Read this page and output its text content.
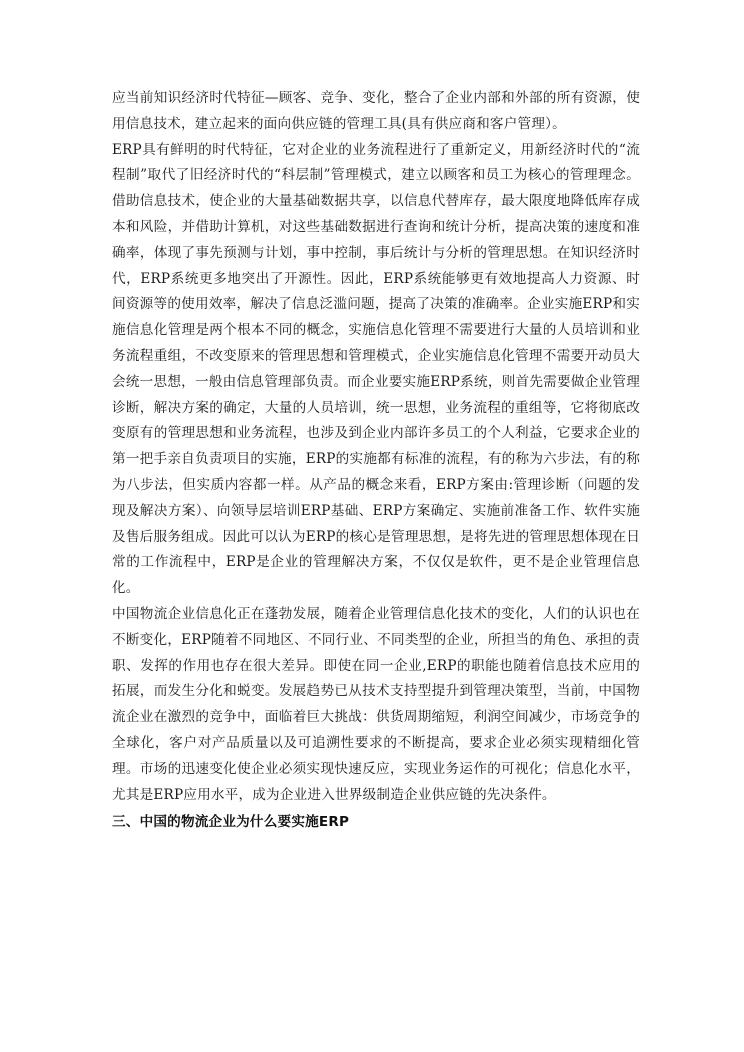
应当前知识经济时代特征—顾客、竞争、变化，整合了企业内部和外部的所有资源，使用信息技术，建立起来的面向供应链的管理工具(具有供应商和客户管理）。

ERP具有鲜明的时代特征，它对企业的业务流程进行了重新定义，用新经济时代的“流程制”取代了旧经济时代的“科层制”管理模式，建立以顾客和员工为核心的管理理念。借助信息技术，使企业的大量基础数据共享，以信息代替库存，最大限度地降低库存成本和风险，并借助计算机，对这些基础数据进行查询和统计分析，提高决策的速度和准确率，体现了事先预测与计划，事中控制，事后统计与分析的管理思想。在知识经济时代，ERP系统更多地突出了开源性。因此，ERP系统能够更有效地提高人力资源、时间资源等的使用效率，解决了信息泛滥问题，提高了决策的准确率。企业实施ERP和实施信息化管理是两个根本不同的概念，实施信息化管理不需要进行大量的人员培训和业务流程重组，不改变原来的管理思想和管理模式，企业实施信息化管理不需要开动员大会统一思想，一般由信息管理部负责。而企业要实施ERP系统，则首先需要做企业管理诊断，解决方案的确定，大量的人员培训，统一思想，业务流程的重组等，它将彻底改变原有的管理思想和业务流程，也涉及到企业内部许多员工的个人利益，它要求企业的第一把手亲自负责项目的实施，ERP的实施都有标准的流程，有的称为六步法，有的称为八步法，但实质内容都一样。从产品的概念来看，ERP方案由:管理诊断（问题的发现及解决方案）、向领导层培训ERP基础、ERP方案确定、实施前准备工作、软件实施及售后服务组成。因此可以认为ERP的核心是管理思想，是将先进的管理思想体现在日常的工作流程中，ERP是企业的管理解决方案，不仅仅是软件，更不是企业管理信息化。

中国物流企业信息化正在蓬勃发展，随着企业管理信息化技术的变化，人们的认识也在不断变化，ERP随着不同地区、不同行业、不同类型的企业，所担当的角色、承担的责职、发挥的作用也存在很大差异。即使在同一企业,ERP的职能也随着信息技术应用的拓展，而发生分化和蜕变。发展趋势已从技术支持型提升到管理决策型，当前，中国物流企业在激烈的竞争中，面临着巨大挑战：供货周期缩短，利润空间减少，市场竞争的全球化，客户对产品质量以及可追溯性要求的不断提高，要求企业必须实现精细化管理。市场的迅速变化使企业必须实现快速反应，实现业务运作的可视化；信息化水平，尤其是ERP应用水平，成为企业进入世界级制造企业供应链的先决条件。

三、中国的物流企业为什么要实施ERP
